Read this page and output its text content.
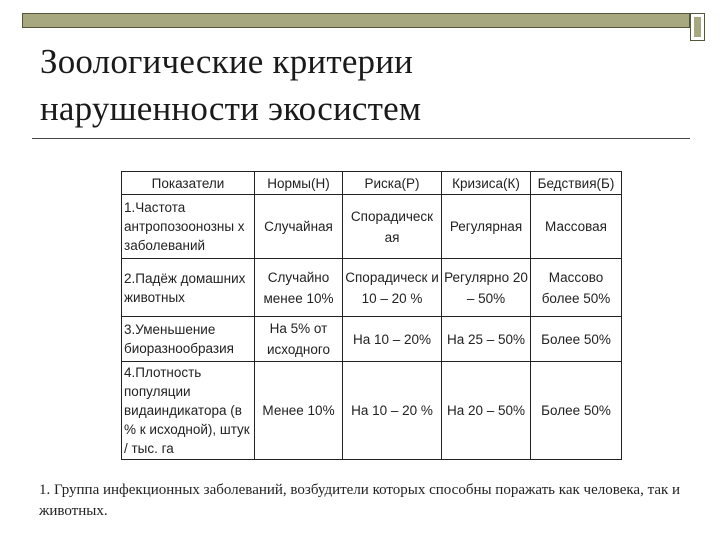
Зоологические критерии
нарушенности экосистем
Показатели	Нормы(Н)	Риска(Р)	Кризиса(К)	Бедствия(Б)
1.Частота антропозоонозны х заболеваний	Случайная	Спорадическ ая	Регулярная	Массовая
2.Падёж домашних животных	Случайно менее 10%	Спорадическ и 10 – 20 %	Регулярно 20 – 50%	Массово более 50%
3.Уменьшение биоразнообразия	На 5% от исходного	На 10 – 20%	На 25 – 50%	Более 50%
4.Плотность популяции видаиндикатора (в % к исходной), штук / тыс. га	Менее 10%	На 10 – 20 %	На 20 – 50%	Более 50%

1. Группа инфекционных заболеваний, возбудители которых способны поражать как человека, так и животных.
